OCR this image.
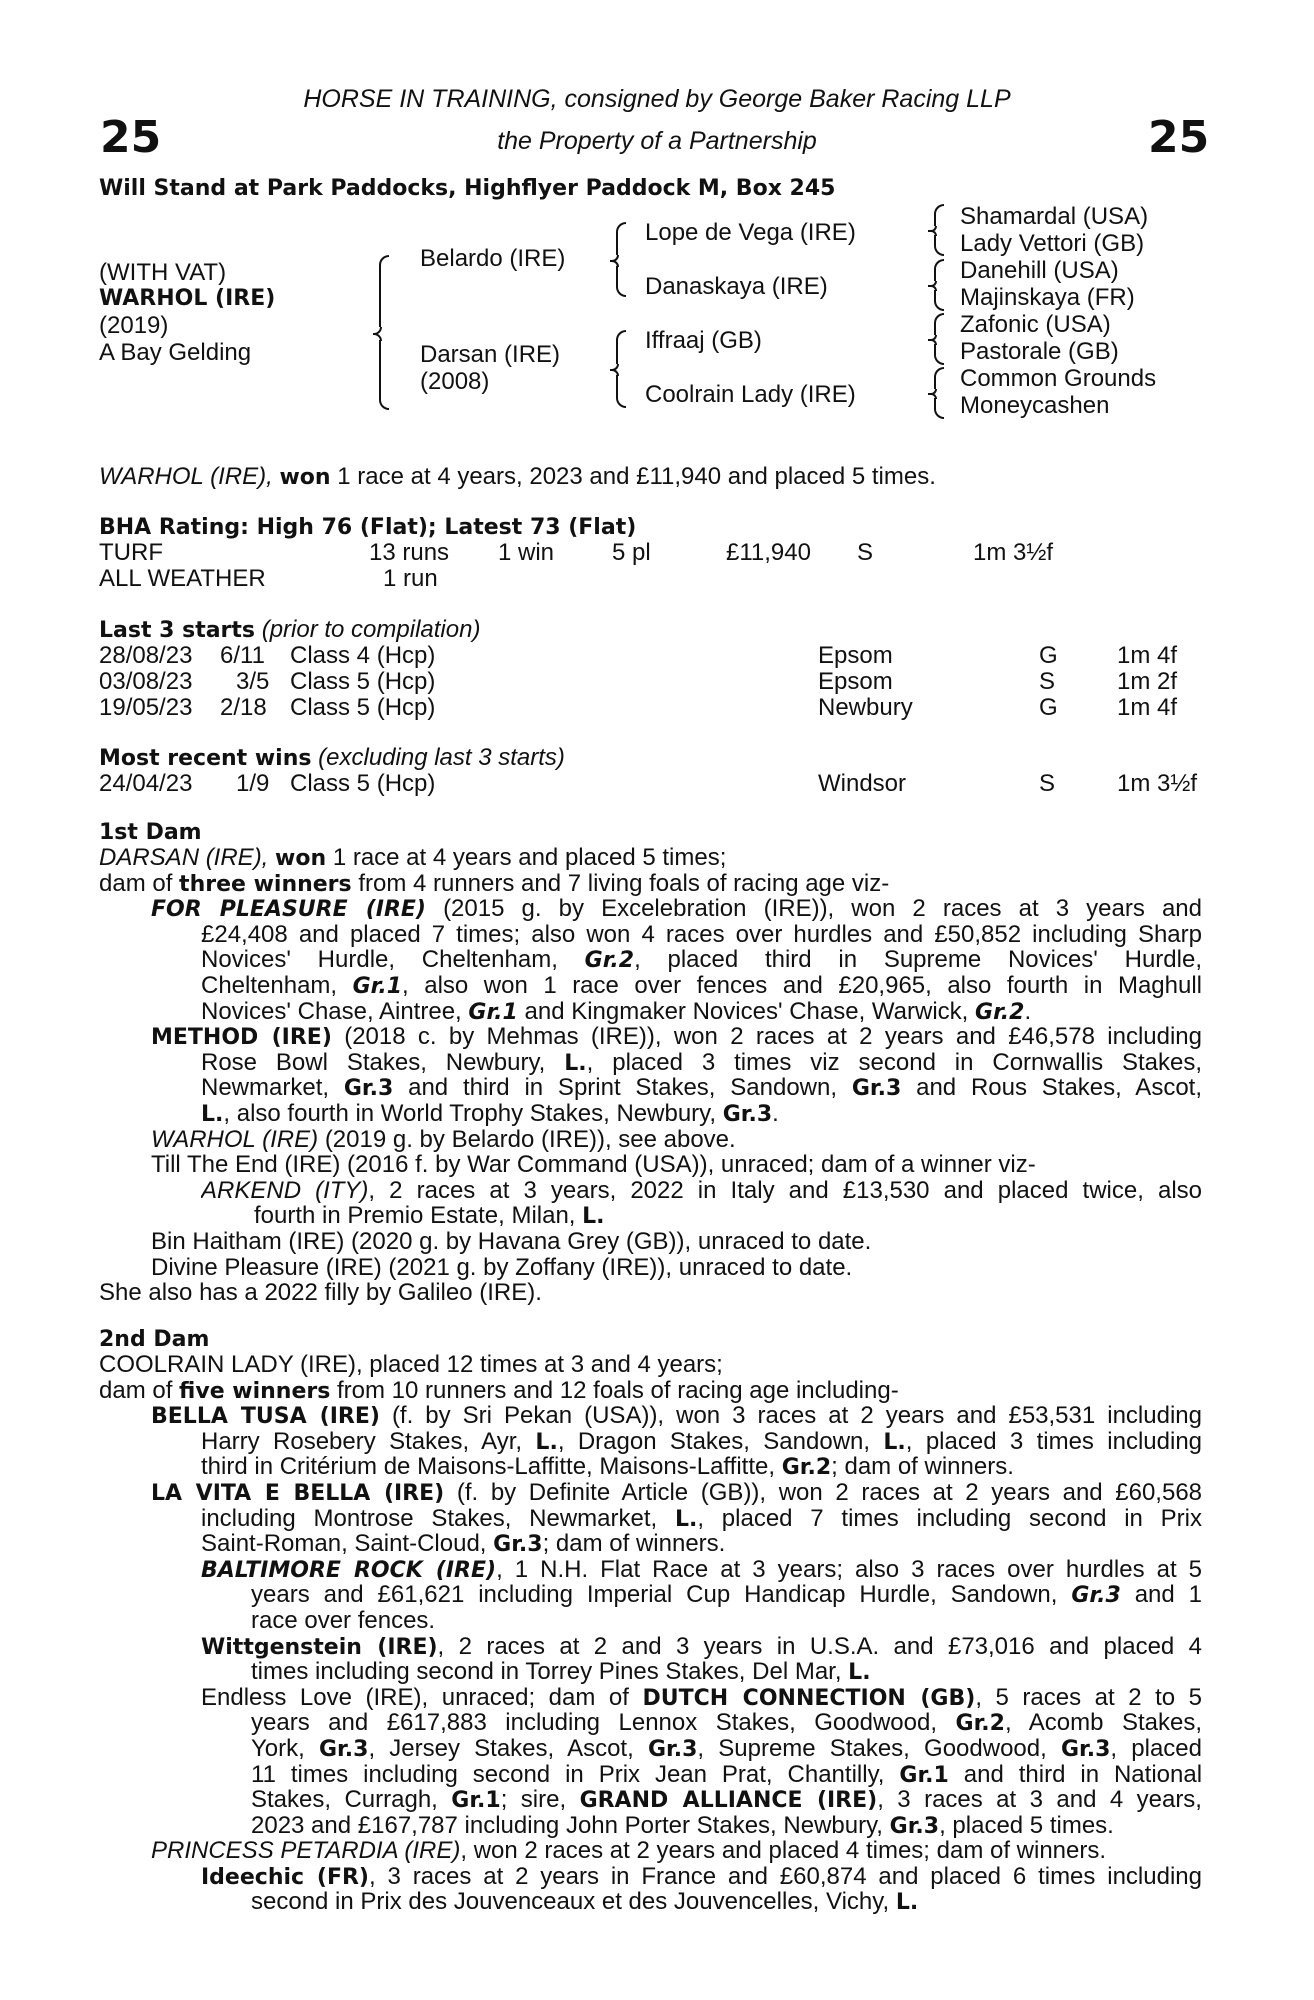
25	25
HORSE IN TRAINING, consigned by George Baker Racing LLP
the Property of a Partnership
Will Stand at Park Paddocks, Highflyer Paddock M, Box 245
(WITH VAT)
WARHOL (IRE)
(2019)
A Bay Gelding
Belardo (IRE)
Darsan (IRE)
(2008)
Lope de Vega (IRE)
Danaskaya (IRE)
Iffraaj (GB)
Coolrain Lady (IRE)
Shamardal (USA)
Lady Vettori (GB)
Danehill (USA)
Majinskaya (FR)
Zafonic (USA)
Pastorale (GB)
Common Grounds
Moneycashen
WARHOL (IRE), won 1 race at 4 years, 2023 and £11,940 and placed 5 times.
BHA Rating: High 76 (Flat); Latest 73 (Flat)
TURF	13 runs 1 win 5 pl	£11,940 S	1m 3½f
ALL WEATHER	1 run
Last 3 starts (prior to compilation)
28/08/23 6/11 Class 4 (Hcp)	Epsom	G 1m 4f
03/08/23 3/5 Class 5 (Hcp)	Epsom	S	1m 2f
19/05/23 2/18 Class 5 (Hcp)	Newbury	G 1m 4f
Most recent wins (excluding last 3 starts)
24/04/23 1/9 Class 5 (Hcp)	Windsor	S	1m 3½f
1st Dam
DARSAN (IRE), won 1 race at 4 years and placed 5 times;
dam of three winners from 4 runners and 7 living foals of racing age viz-
FOR PLEASURE (IRE) (2015 g. by Excelebration (IRE)), won 2 races at 3 years and
£24,408 and placed 7 times; also won 4 races over hurdles and £50,852 including Sharp
Novices' Hurdle, Cheltenham, Gr.2, placed third in Supreme Novices' Hurdle,
Cheltenham, Gr.1, also won 1 race over fences and £20,965, also fourth in Maghull
Novices' Chase, Aintree, Gr.1 and Kingmaker Novices' Chase, Warwick, Gr.2.
METHOD (IRE) (2018 c. by Mehmas (IRE)), won 2 races at 2 years and £46,578 including
Rose Bowl Stakes, Newbury, L., placed 3 times viz second in Cornwallis Stakes,
Newmarket, Gr.3 and third in Sprint Stakes, Sandown, Gr.3 and Rous Stakes, Ascot,
L., also fourth in World Trophy Stakes, Newbury, Gr.3.
WARHOL (IRE) (2019 g. by Belardo (IRE)), see above.
Till The End (IRE) (2016 f. by War Command (USA)), unraced; dam of a winner viz-
ARKEND (ITY), 2 races at 3 years, 2022 in Italy and £13,530 and placed twice, also
fourth in Premio Estate, Milan, L.
Bin Haitham (IRE) (2020 g. by Havana Grey (GB)), unraced to date.
Divine Pleasure (IRE) (2021 g. by Zoffany (IRE)), unraced to date.
She also has a 2022 filly by Galileo (IRE).
2nd Dam
COOLRAIN LADY (IRE), placed 12 times at 3 and 4 years;
dam of five winners from 10 runners and 12 foals of racing age including-
BELLA TUSA (IRE) (f. by Sri Pekan (USA)), won 3 races at 2 years and £53,531 including
Harry Rosebery Stakes, Ayr, L., Dragon Stakes, Sandown, L., placed 3 times including
third in Critérium de Maisons-Laffitte, Maisons-Laffitte, Gr.2; dam of winners.
LA VITA E BELLA (IRE) (f. by Definite Article (GB)), won 2 races at 2 years and £60,568
including Montrose Stakes, Newmarket, L., placed 7 times including second in Prix
Saint-Roman, Saint-Cloud, Gr.3; dam of winners.
BALTIMORE ROCK (IRE), 1 N.H. Flat Race at 3 years; also 3 races over hurdles at 5
years and £61,621 including Imperial Cup Handicap Hurdle, Sandown, Gr.3 and 1
race over fences.
Wittgenstein (IRE), 2 races at 2 and 3 years in U.S.A. and £73,016 and placed 4
times including second in Torrey Pines Stakes, Del Mar, L.
Endless Love (IRE), unraced; dam of DUTCH CONNECTION (GB), 5 races at 2 to 5
years and £617,883 including Lennox Stakes, Goodwood, Gr.2, Acomb Stakes,
York, Gr.3, Jersey Stakes, Ascot, Gr.3, Supreme Stakes, Goodwood, Gr.3, placed
11 times including second in Prix Jean Prat, Chantilly, Gr.1 and third in National
Stakes, Curragh, Gr.1; sire, GRAND ALLIANCE (IRE), 3 races at 3 and 4 years,
2023 and £167,787 including John Porter Stakes, Newbury, Gr.3, placed 5 times.
PRINCESS PETARDIA (IRE), won 2 races at 2 years and placed 4 times; dam of winners.
Ideechic (FR), 3 races at 2 years in France and £60,874 and placed 6 times including
second in Prix des Jouvenceaux et des Jouvencelles, Vichy, L.
